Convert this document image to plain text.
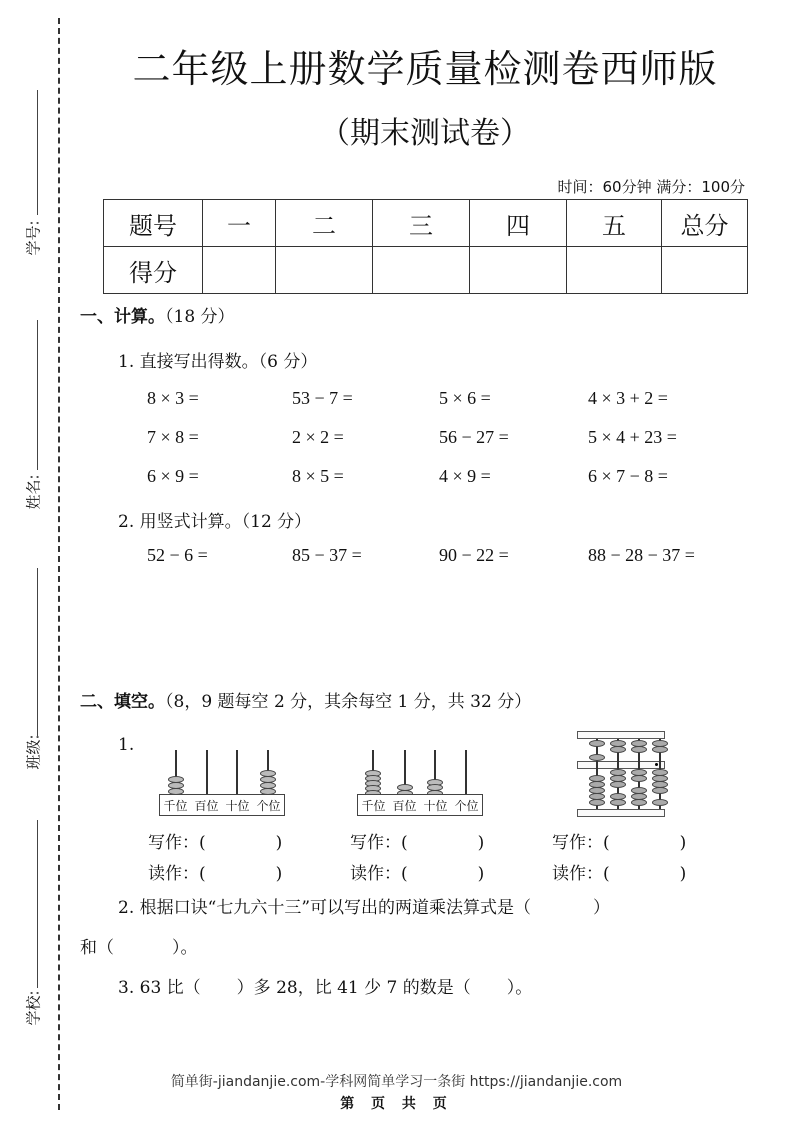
学号:
姓名:
班级:
学校:
二年级上册数学质量检测卷西师版
（期末测试卷）
时间：60分钟 满分：100分
题号	一	二	三	四	五	总分
得分						
一、计算。（18 分）
1. 直接写出得数。（6 分）
8 × 3 =	53 − 7 =	5 × 6 =	4 × 3 + 2 =
7 × 8 =	2 × 2 =	56 − 27 =	5 × 4 + 23 =
6 × 9 =	8 × 5 =	4 × 9 =	6 × 7 − 8 =
2. 用竖式计算。（12 分）
52 − 6 =	85 − 37 =	90 − 22 =	88 − 28 − 37 =
二、填空。（8，9 题每空 2 分，其余每空 1 分，共 32 分）
1.
千位 百位 十位 个位	千位 百位 十位 个位
写作：(	)	写作：(	)	写作：(	)
读作：(	)	读作：(	)	读作：(	)
2. 根据口诀“七九六十三”可以写出的两道乘法算式是（	）
和（	）。
3. 63 比（ ）多 28，比 41 少 7 的数是（ ）。
简单街-jiandanjie.com-学科网简单学习一条街 https://jiandanjie.com
第 页 共 页
